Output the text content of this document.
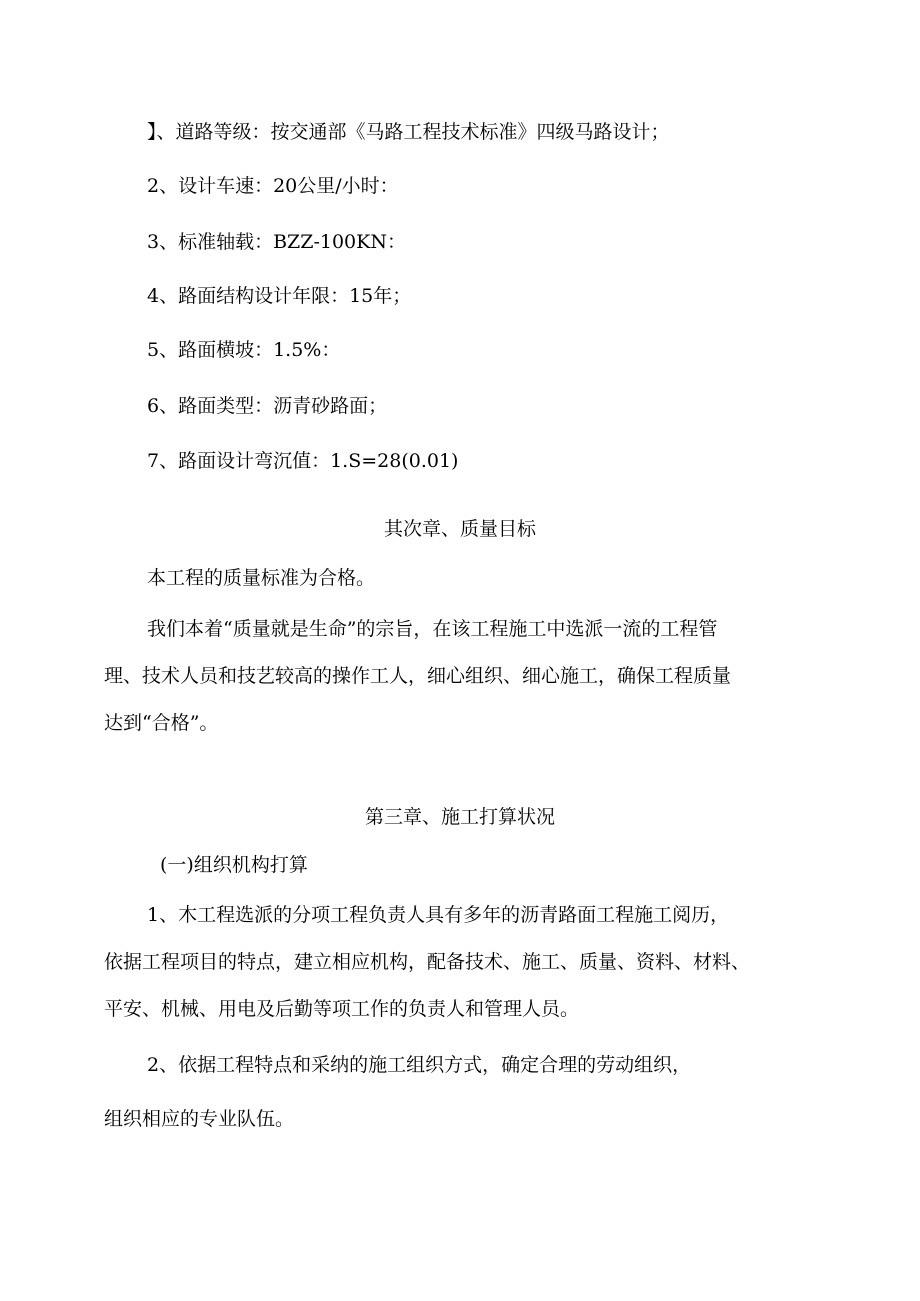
】、道路等级：按交通部《马路工程技术标准》四级马路设计；
2、设计车速：20公里/小时：
3、标准轴载：BZZ-100KN：
4、路面结构设计年限：15年；
5、路面横坡：1.5%：
6、路面类型：沥青砂路面；
7、路面设计弯沉值：1.S=28(0.01)
其次章、质量目标
本工程的质量标准为合格。
我们本着“质量就是生命”的宗旨，在该工程施工中选派一流的工程管
理、技术人员和技艺较高的操作工人，细心组织、细心施工，确保工程质量
达到“合格”。
第三章、施工打算状况
(一)组织机构打算
1、木工程选派的分项工程负责人具有多年的沥青路面工程施工阅历，
依据工程项目的特点，建立相应机构，配备技术、施工、质量、资料、材料、
平安、机械、用电及后勤等项工作的负责人和管理人员。
2、依据工程特点和采纳的施工组织方式，确定合理的劳动组织，
组织相应的专业队伍。
